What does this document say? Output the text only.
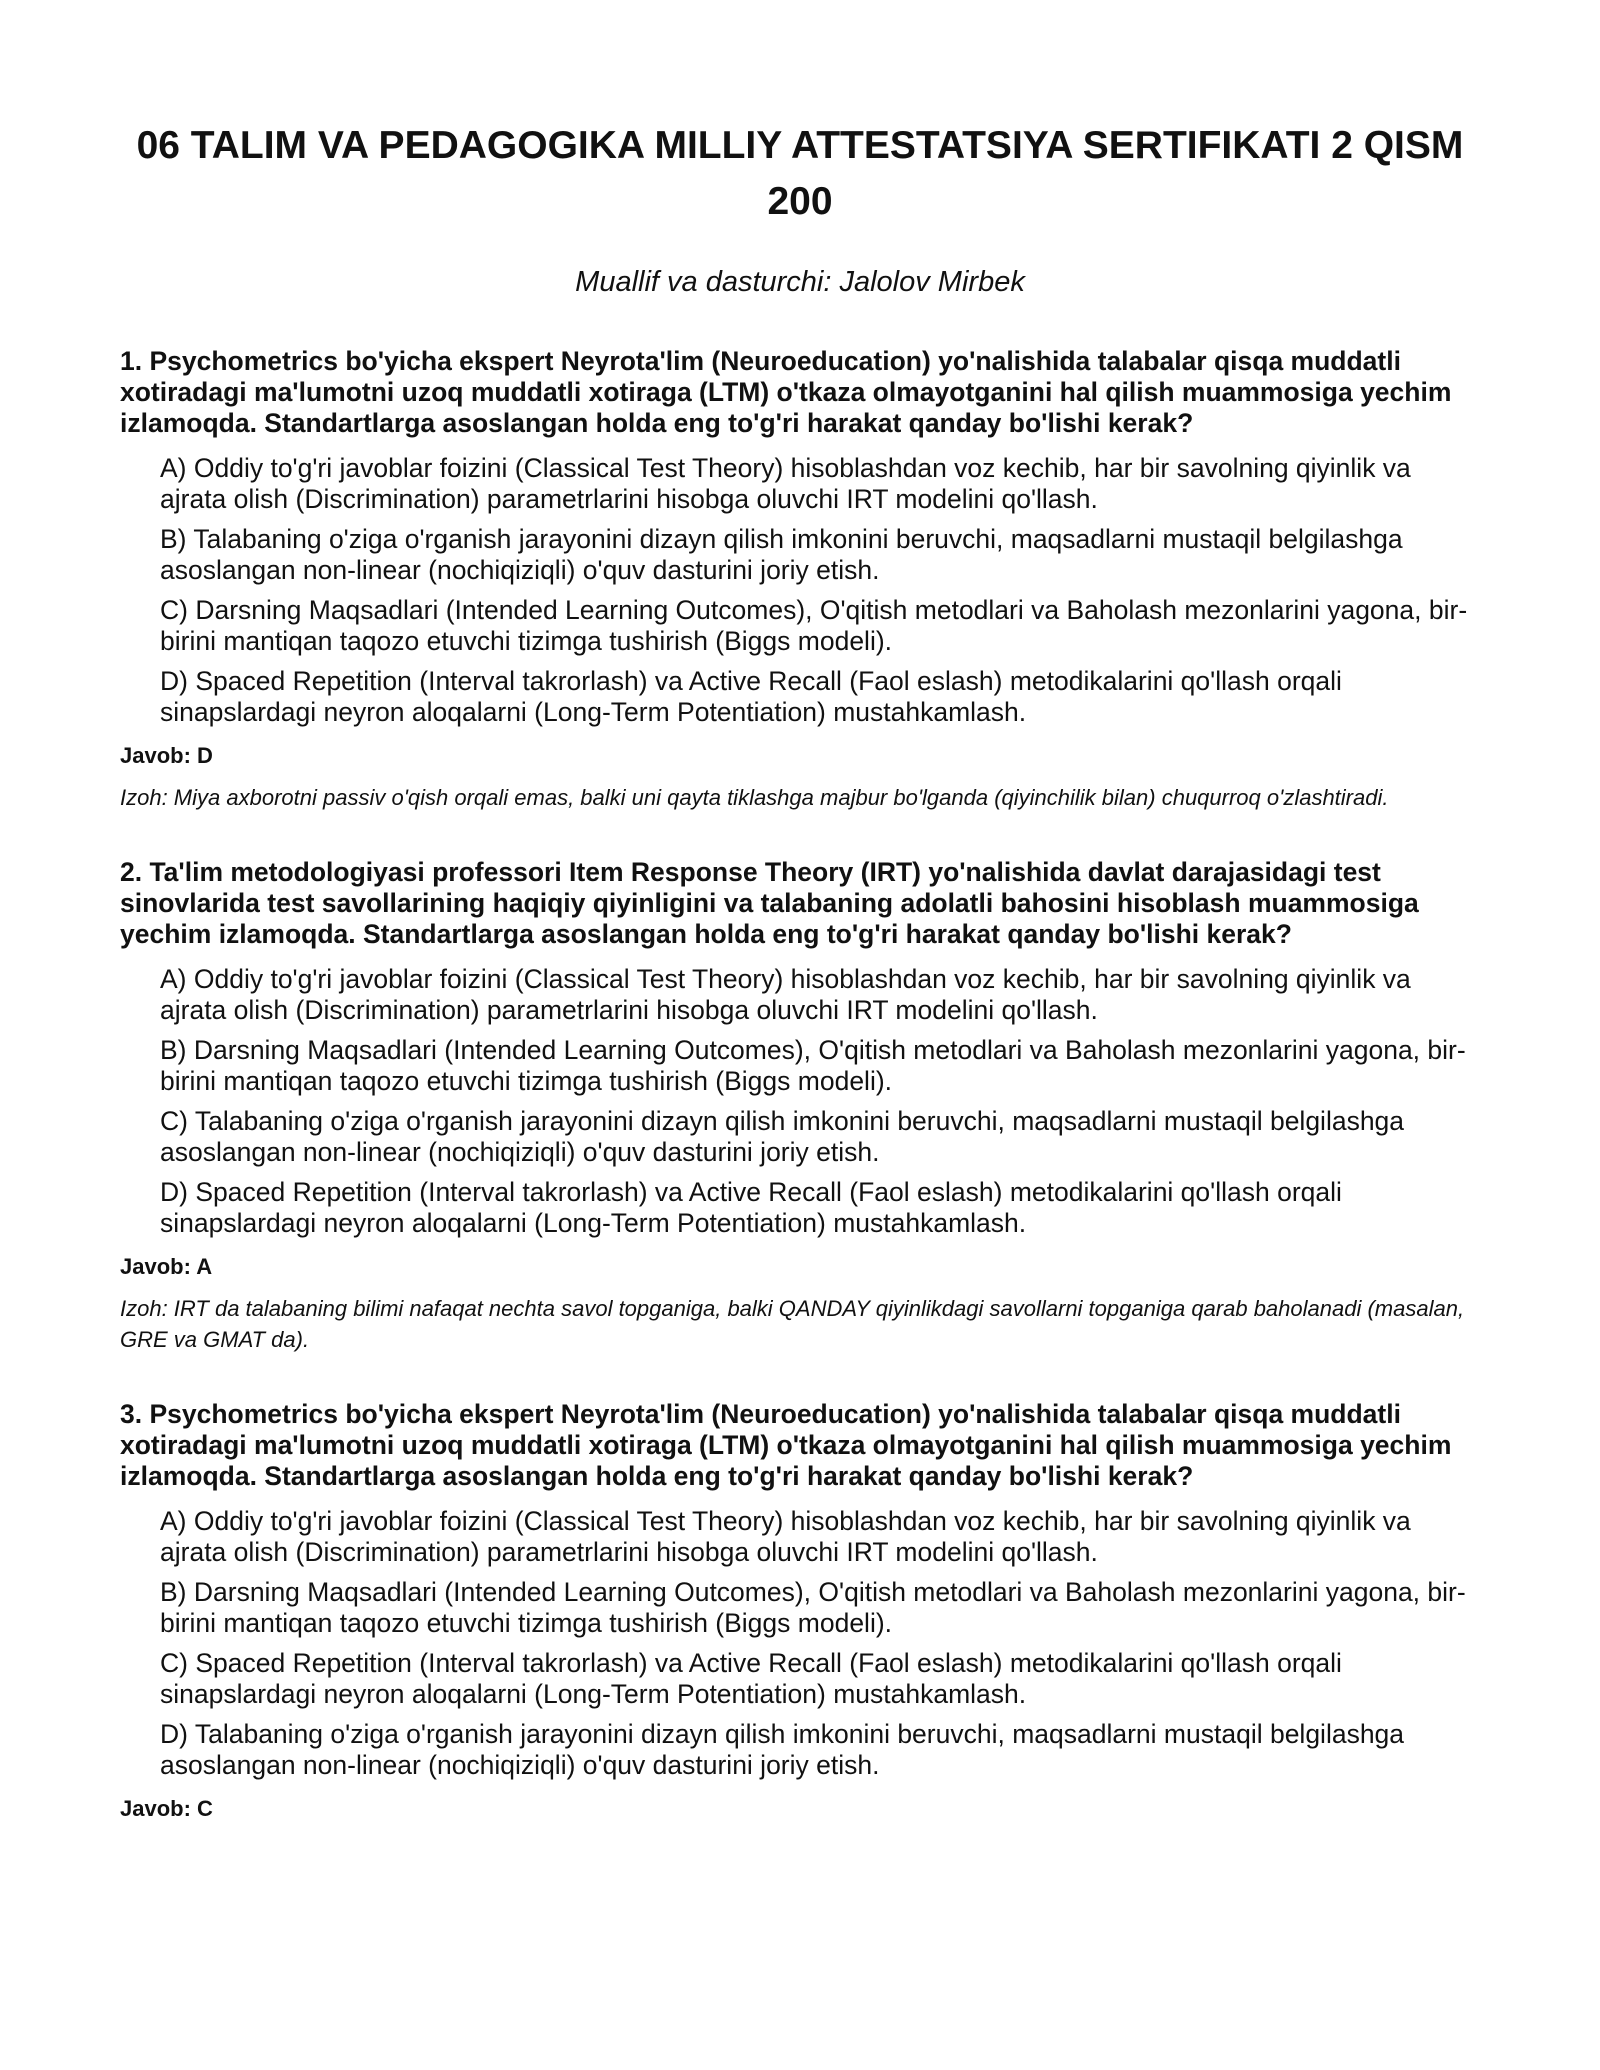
06 TALIM VA PEDAGOGIKA MILLIY ATTESTATSIYA SERTIFIKATI 2 QISM 200
Muallif va dasturchi: Jalolov Mirbek
1. Psychometrics bo'yicha ekspert Neyrota'lim (Neuroeducation) yo'nalishida talabalar qisqa muddatli xotiradagi ma'lumotni uzoq muddatli xotiraga (LTM) o'tkaza olmayotganini hal qilish muammosiga yechim izlamoqda. Standartlarga asoslangan holda eng to'g'ri harakat qanday bo'lishi kerak?
A) Oddiy to'g'ri javoblar foizini (Classical Test Theory) hisoblashdan voz kechib, har bir savolning qiyinlik va ajrata olish (Discrimination) parametrlarini hisobga oluvchi IRT modelini qo'llash.
B) Talabaning o'ziga o'rganish jarayonini dizayn qilish imkonini beruvchi, maqsadlarni mustaqil belgilashga asoslangan non-linear (nochiqiziqli) o'quv dasturini joriy etish.
C) Darsning Maqsadlari (Intended Learning Outcomes), O'qitish metodlari va Baholash mezonlarini yagona, bir-birini mantiqan taqozo etuvchi tizimga tushirish (Biggs modeli).
D) Spaced Repetition (Interval takrorlash) va Active Recall (Faol eslash) metodikalarini qo'llash orqali sinapslardagi neyron aloqalarni (Long-Term Potentiation) mustahkamlash.
Javob: D
Izoh: Miya axborotni passiv o'qish orqali emas, balki uni qayta tiklashga majbur bo'lganda (qiyinchilik bilan) chuqurroq o'zlashtiradi.
2. Ta'lim metodologiyasi professori Item Response Theory (IRT) yo'nalishida davlat darajasidagi test sinovlarida test savollarining haqiqiy qiyinligini va talabaning adolatli bahosini hisoblash muammosiga yechim izlamoqda. Standartlarga asoslangan holda eng to'g'ri harakat qanday bo'lishi kerak?
A) Oddiy to'g'ri javoblar foizini (Classical Test Theory) hisoblashdan voz kechib, har bir savolning qiyinlik va ajrata olish (Discrimination) parametrlarini hisobga oluvchi IRT modelini qo'llash.
B) Darsning Maqsadlari (Intended Learning Outcomes), O'qitish metodlari va Baholash mezonlarini yagona, bir-birini mantiqan taqozo etuvchi tizimga tushirish (Biggs modeli).
C) Talabaning o'ziga o'rganish jarayonini dizayn qilish imkonini beruvchi, maqsadlarni mustaqil belgilashga asoslangan non-linear (nochiqiziqli) o'quv dasturini joriy etish.
D) Spaced Repetition (Interval takrorlash) va Active Recall (Faol eslash) metodikalarini qo'llash orqali sinapslardagi neyron aloqalarni (Long-Term Potentiation) mustahkamlash.
Javob: A
Izoh: IRT da talabaning bilimi nafaqat nechta savol topganiga, balki QANDAY qiyinlikdagi savollarni topganiga qarab baholanadi (masalan, GRE va GMAT da).
3. Psychometrics bo'yicha ekspert Neyrota'lim (Neuroeducation) yo'nalishida talabalar qisqa muddatli xotiradagi ma'lumotni uzoq muddatli xotiraga (LTM) o'tkaza olmayotganini hal qilish muammosiga yechim izlamoqda. Standartlarga asoslangan holda eng to'g'ri harakat qanday bo'lishi kerak?
A) Oddiy to'g'ri javoblar foizini (Classical Test Theory) hisoblashdan voz kechib, har bir savolning qiyinlik va ajrata olish (Discrimination) parametrlarini hisobga oluvchi IRT modelini qo'llash.
B) Darsning Maqsadlari (Intended Learning Outcomes), O'qitish metodlari va Baholash mezonlarini yagona, bir-birini mantiqan taqozo etuvchi tizimga tushirish (Biggs modeli).
C) Spaced Repetition (Interval takrorlash) va Active Recall (Faol eslash) metodikalarini qo'llash orqali sinapslardagi neyron aloqalarni (Long-Term Potentiation) mustahkamlash.
D) Talabaning o'ziga o'rganish jarayonini dizayn qilish imkonini beruvchi, maqsadlarni mustaqil belgilashga asoslangan non-linear (nochiqiziqli) o'quv dasturini joriy etish.
Javob: C
